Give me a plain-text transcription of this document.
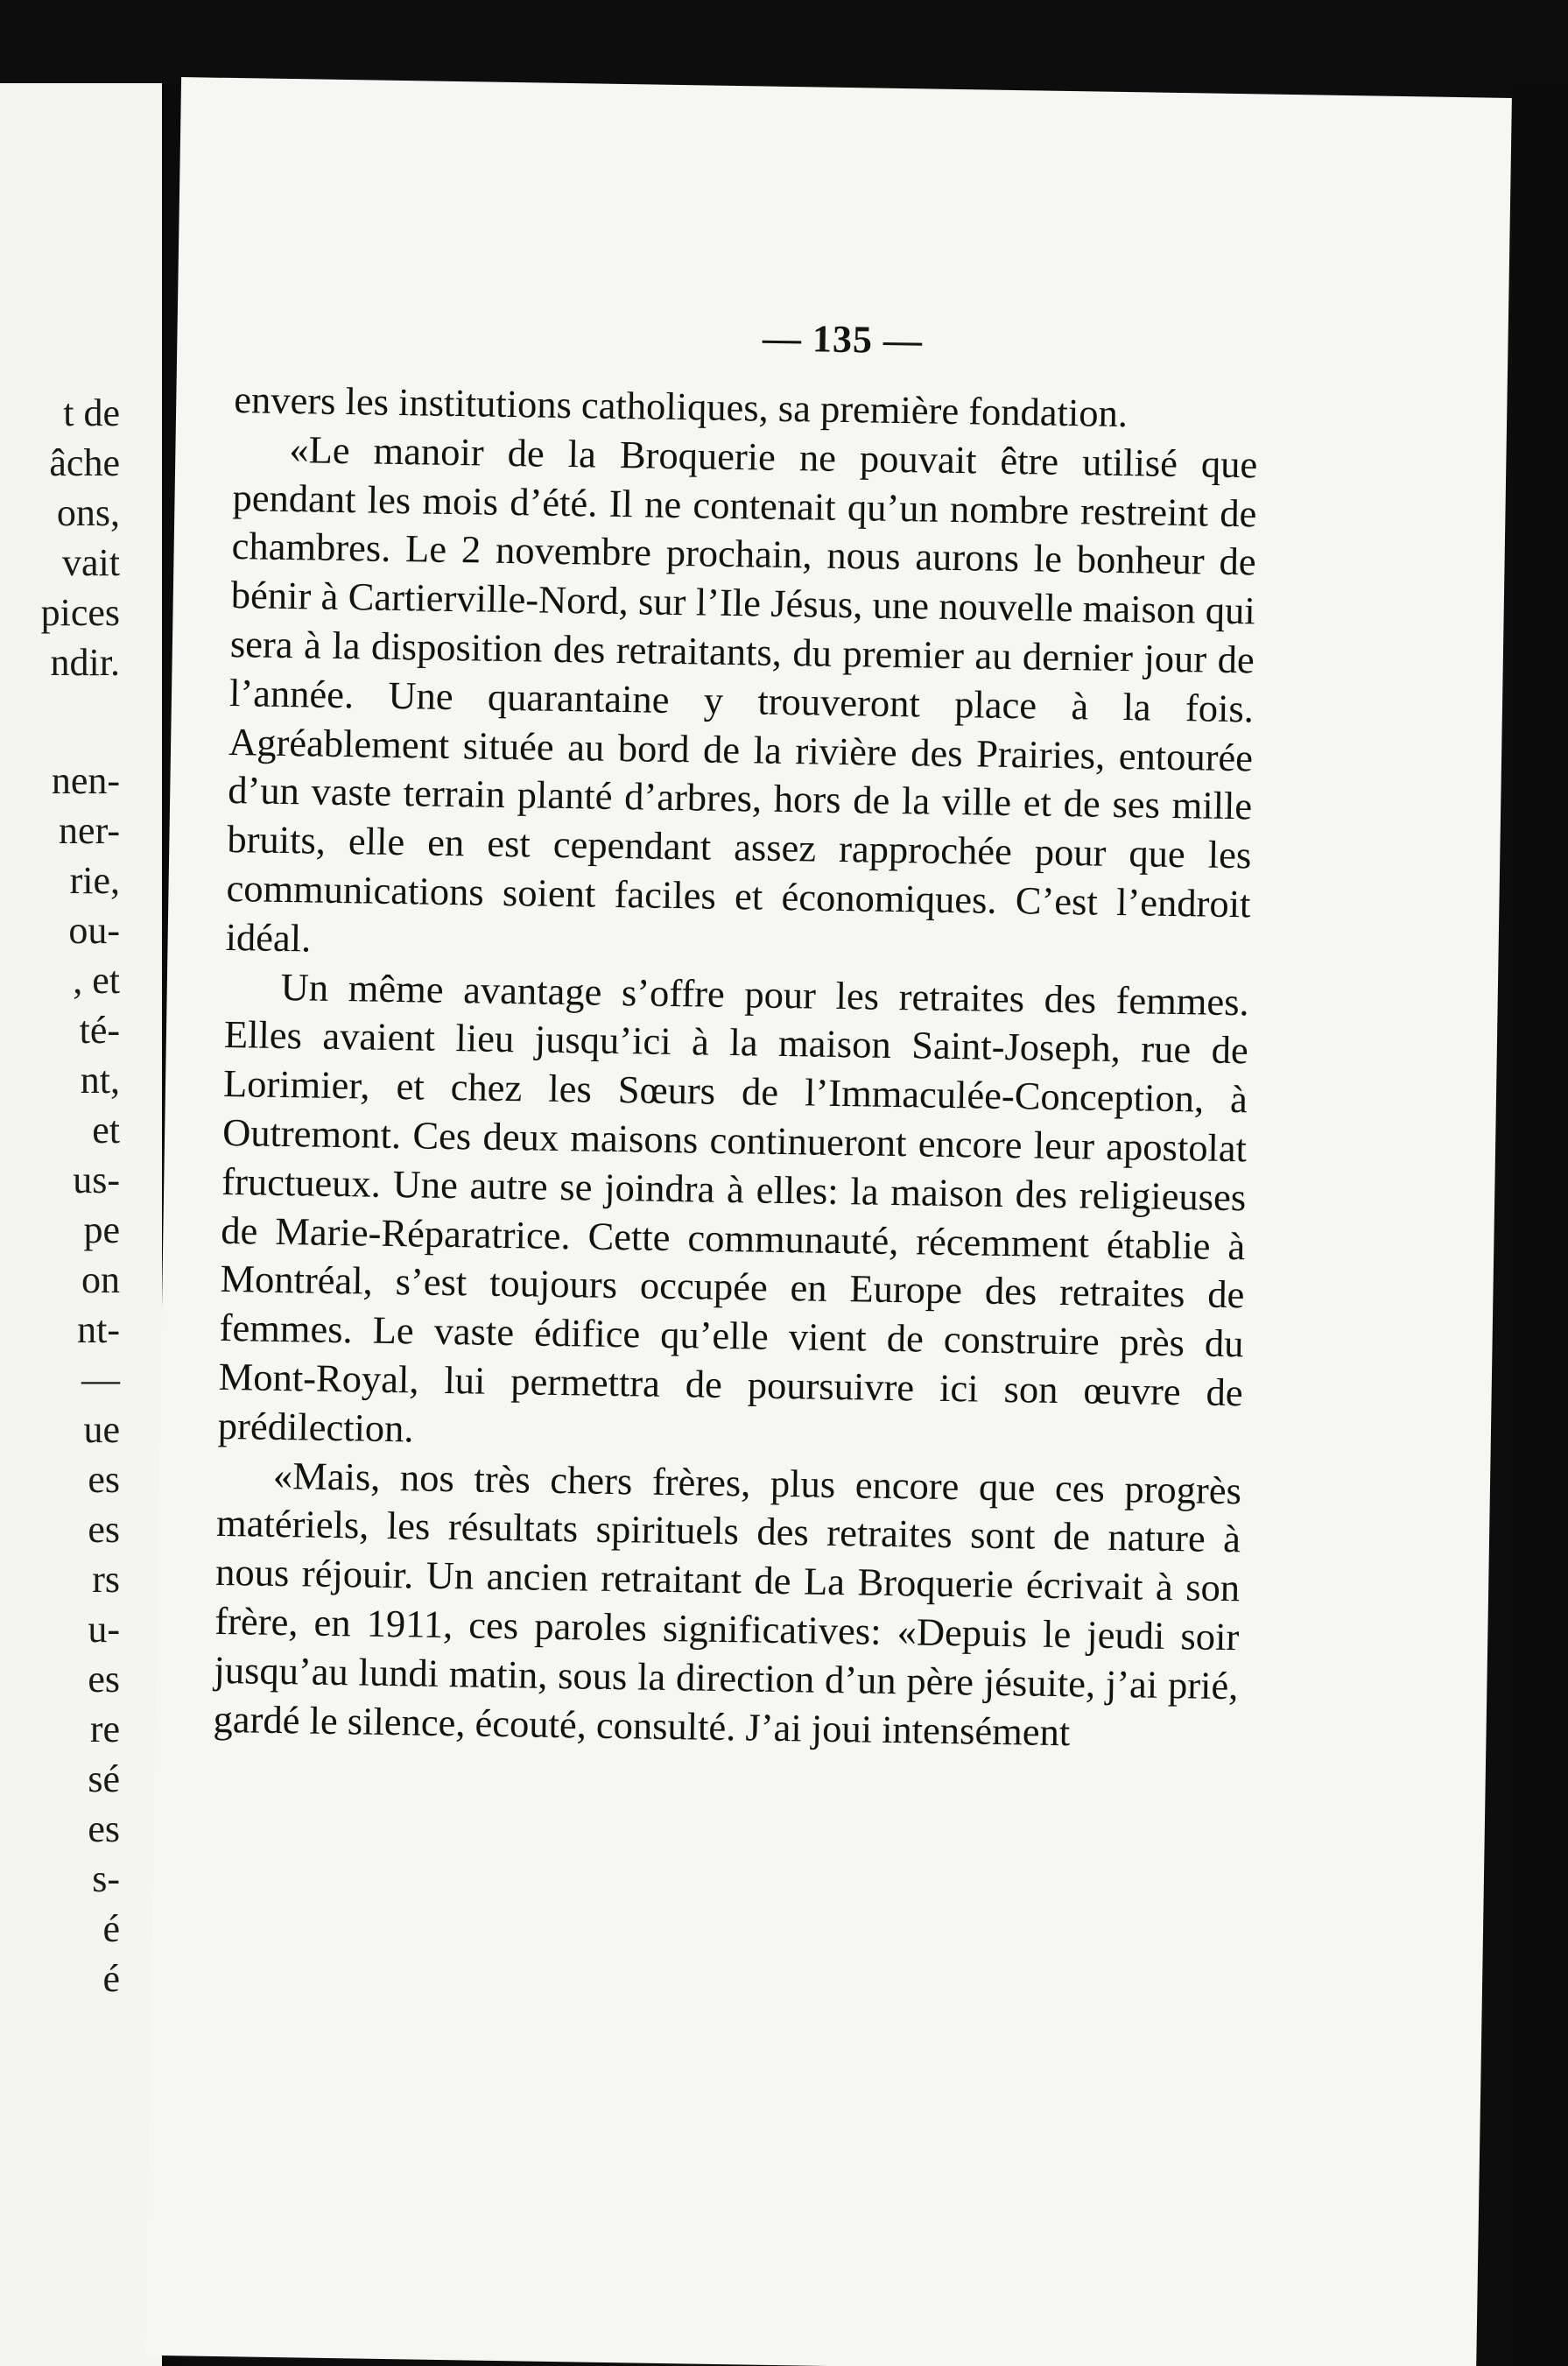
t de
âche
ons,
vait
pices
ndir.
nen-
ner-
rie,
ou-
, et
té-
nt,
et
us-
pe
on
nt-
—
ue
es
es
rs
u-
es
re
sé
es
s-
é
é
— 135 —

envers les institutions catholiques, sa première fondation.

«Le manoir de la Broquerie ne pouvait être utilisé que pendant les mois d’été. Il ne contenait qu’un nombre restreint de chambres. Le 2 novembre prochain, nous aurons le bonheur de bénir à Cartierville-Nord, sur l’Ile Jésus, une nouvelle maison qui sera à la disposition des retraitants, du premier au dernier jour de l’année. Une quarantaine y trouveront place à la fois. Agréablement située au bord de la rivière des Prairies, entourée d’un vaste terrain planté d’arbres, hors de la ville et de ses mille bruits, elle en est cependant assez rapprochée pour que les communications soient faciles et économiques. C’est l’endroit idéal.

Un même avantage s’offre pour les retraites des femmes. Elles avaient lieu jusqu’ici à la maison Saint-Joseph, rue de Lorimier, et chez les Sœurs de l’Immaculée-Conception, à Outremont. Ces deux maisons continueront encore leur apostolat fructueux. Une autre se joindra à elles: la maison des religieuses de Marie-Réparatrice. Cette communauté, récemment établie à Montréal, s’est toujours occupée en Europe des retraites de femmes. Le vaste édifice qu’elle vient de construire près du Mont-Royal, lui permettra de poursuivre ici son œuvre de prédilection.

«Mais, nos très chers frères, plus encore que ces progrès matériels, les résultats spirituels des retraites sont de nature à nous réjouir. Un ancien retraitant de La Broquerie écrivait à son frère, en 1911, ces paroles significatives: «Depuis le jeudi soir jusqu’au lundi matin, sous la direction d’un père jésuite, j’ai prié, gardé le silence, écouté, consulté. J’ai joui intensément
